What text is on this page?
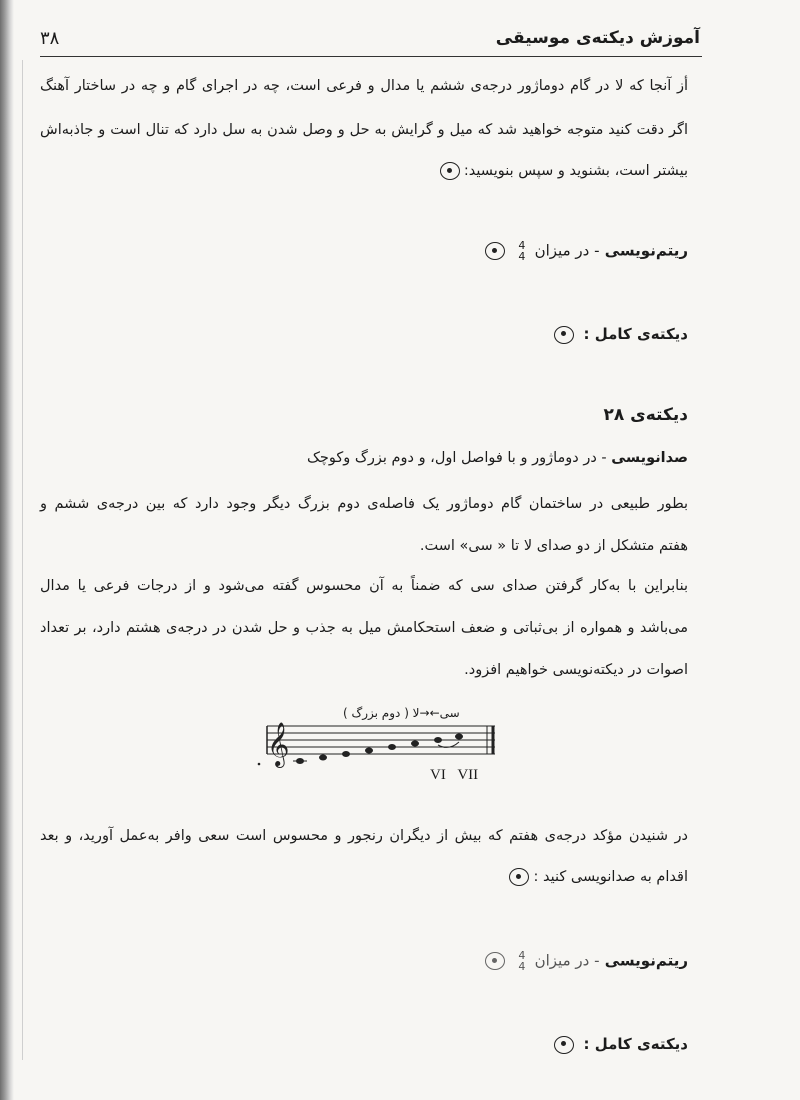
آموزش دیکته‌ی موسیقی
۳۸
أز آنجا که لا در گام دوماژور درجه‌ی ششم یا مدال و فرعی است، چه در اجرای گام و چه در ساختار آهنگ
اگر دقت کنید متوجه خواهید شد که میل و گرایش به حل و وصل شدن به سل دارد که تنال است و جاذبه‌اش
بیشتر است، بشنوید و سپس بنویسید:
ریتم‌نویسی - در میزان
4
4

دیکته‌ی کامل :
دیکته‌ی ۲۸
صدانویسی - در دوماژور و با فواصل اول، و دوم بزرگ وکوچک
بطور طبیعی در ساختمان گام دوماژور یک فاصله‌ی دوم بزرگ دیگر وجود دارد که بین درجه‌ی ششم و
هفتم متشکل از دو صدای لا تا « سی» است.
بنابراین با به‌کار گرفتن صدای سی که ضمناً به آن محسوس گفته می‌شود و از درجات فرعی یا مدال
می‌باشد و همواره از بی‌ثباتی و ضعف استحکامش میل به جذب و حل شدن در درجه‌ی هشتم دارد، بر تعداد
اصوات در دیکته‌نویسی خواهیم افزود.
سی←→لا ( دوم بزرگ )
𝄞
VI VII
در شنیدن مؤکد درجه‌ی هفتم که بیش از دیگران رنجور و محسوس است سعی وافر به‌عمل آورید، و بعد
اقدام به صدانویسی کنید :
ریتم‌نویسی - در میزان
4
4

دیکته‌ی کامل :
